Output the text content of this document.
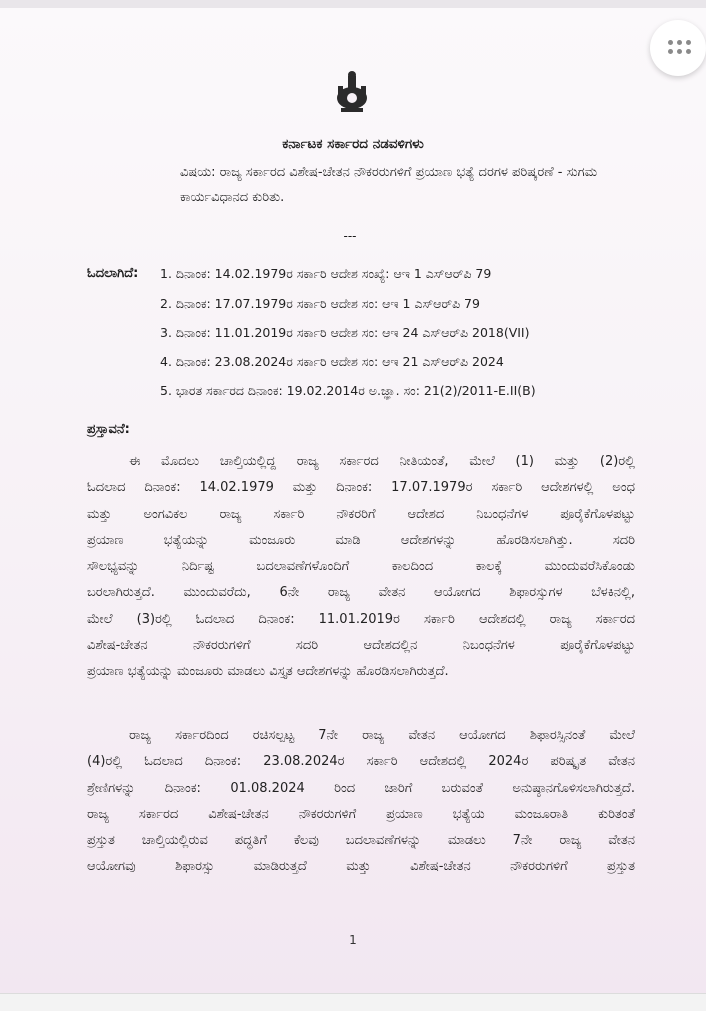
ಕರ್ನಾಟಕ ಸರ್ಕಾರದ ನಡವಳಿಗಳು
ವಿಷಯ: ರಾಜ್ಯ ಸರ್ಕಾರದ ವಿಶೇಷ-ಚೇತನ ನೌಕರರುಗಳಿಗೆ ಪ್ರಯಾಣ ಭತ್ಯೆ ದರಗಳ ಪರಿಷ್ಕರಣೆ - ಸುಗಮ ಕಾರ್ಯವಿಧಾನದ ಕುರಿತು.
---
ಓದಲಾಗಿದೆ: 1. ದಿನಾಂಕ: 14.02.1979ರ ಸರ್ಕಾರಿ ಆದೇಶ ಸಂಖ್ಯೆ: ಆಇ 1 ಎಸ್ಆರ್‌ಪಿ 79
2. ದಿನಾಂಕ: 17.07.1979ರ ಸರ್ಕಾರಿ ಆದೇಶ ಸಂ: ಆಇ 1 ಎಸ್ಆರ್‌ಪಿ 79
3. ದಿನಾಂಕ: 11.01.2019ರ ಸರ್ಕಾರಿ ಆದೇಶ ಸಂ: ಆಇ 24 ಎಸ್ಆರ್‌ಪಿ 2018(VII)
4. ದಿನಾಂಕ: 23.08.2024ರ ಸರ್ಕಾರಿ ಆದೇಶ ಸಂ: ಆಇ 21 ಎಸ್ಆರ್‌ಪಿ 2024
5. ಭಾರತ ಸರ್ಕಾರದ ದಿನಾಂಕ: 19.02.2014ರ ಅ.ಜ್ಞಾ. ಸಂ: 21(2)/2011-E.II(B)
ಪ್ರಸ್ತಾವನೆ:
ಈ ಮೊದಲು ಚಾಲ್ತಿಯಲ್ಲಿದ್ದ ರಾಜ್ಯ ಸರ್ಕಾರದ ನೀತಿಯಂತೆ, ಮೇಲೆ (1) ಮತ್ತು (2)ರಲ್ಲಿ
ಓದಲಾದ ದಿನಾಂಕ: 14.02.1979 ಮತ್ತು ದಿನಾಂಕ: 17.07.1979ರ ಸರ್ಕಾರಿ ಆದೇಶಗಳಲ್ಲಿ ಅಂಧ
ಮತ್ತು ಅಂಗವಿಕಲ ರಾಜ್ಯ ಸರ್ಕಾರಿ ನೌಕರರಿಗೆ ಆದೇಶದ ನಿಬಂಧನೆಗಳ ಪೂರೈಕೆಗೊಳಪಟ್ಟು
ಪ್ರಯಾಣ ಭತ್ಯೆಯನ್ನು ಮಂಜೂರು ಮಾಡಿ ಆದೇಶಗಳನ್ನು ಹೊರಡಿಸಲಾಗಿತ್ತು. ಸದರಿ
ಸೌಲಭ್ಯವನ್ನು ನಿರ್ದಿಷ್ಟ ಬದಲಾವಣೆಗಳೊಂದಿಗೆ ಕಾಲದಿಂದ ಕಾಲಕ್ಕೆ ಮುಂದುವರೆಸಿಕೊಂಡು
ಬರಲಾಗಿರುತ್ತದೆ. ಮುಂದುವರೆದು, 6ನೇ ರಾಜ್ಯ ವೇತನ ಆಯೋಗದ ಶಿಫಾರಸ್ಸುಗಳ ಬೆಳಕಿನಲ್ಲಿ,
ಮೇಲೆ (3)ರಲ್ಲಿ ಓದಲಾದ ದಿನಾಂಕ: 11.01.2019ರ ಸರ್ಕಾರಿ ಆದೇಶದಲ್ಲಿ ರಾಜ್ಯ ಸರ್ಕಾರದ
ವಿಶೇಷ-ಚೇತನ ನೌಕರರುಗಳಿಗೆ ಸದರಿ ಆದೇಶದಲ್ಲಿನ ನಿಬಂಧನೆಗಳ ಪೂರೈಕೆಗೊಳಪಟ್ಟು
ಪ್ರಯಾಣ ಭತ್ಯೆಯನ್ನು ಮಂಜೂರು ಮಾಡಲು ವಿಸ್ತೃತ ಆದೇಶಗಳನ್ನು ಹೊರಡಿಸಲಾಗಿರುತ್ತದೆ.
ರಾಜ್ಯ ಸರ್ಕಾರದಿಂದ ರಚಿಸಲ್ಪಟ್ಟ 7ನೇ ರಾಜ್ಯ ವೇತನ ಆಯೋಗದ ಶಿಫಾರಸ್ಸಿನಂತೆ ಮೇಲೆ
(4)ರಲ್ಲಿ ಓದಲಾದ ದಿನಾಂಕ: 23.08.2024ರ ಸರ್ಕಾರಿ ಆದೇಶದಲ್ಲಿ 2024ರ ಪರಿಷ್ಕೃತ ವೇತನ
ಶ್ರೇಣಿಗಳನ್ನು ದಿನಾಂಕ: 01.08.2024 ರಿಂದ ಜಾರಿಗೆ ಬರುವಂತೆ ಅನುಷ್ಠಾನಗೊಳಿಸಲಾಗಿರುತ್ತದೆ.
ರಾಜ್ಯ ಸರ್ಕಾರದ ವಿಶೇಷ-ಚೇತನ ನೌಕರರುಗಳಿಗೆ ಪ್ರಯಾಣ ಭತ್ಯೆಯ ಮಂಜೂರಾತಿ ಕುರಿತಂತೆ
ಪ್ರಸ್ತುತ ಚಾಲ್ತಿಯಲ್ಲಿರುವ ಪದ್ಧತಿಗೆ ಕೆಲವು ಬದಲಾವಣೆಗಳನ್ನು ಮಾಡಲು 7ನೇ ರಾಜ್ಯ ವೇತನ
ಆಯೋಗವು ಶಿಫಾರಸ್ಸು ಮಾಡಿರುತ್ತದೆ ಮತ್ತು ವಿಶೇಷ-ಚೇತನ ನೌಕರರುಗಳಿಗೆ ಪ್ರಸ್ತುತ
1
